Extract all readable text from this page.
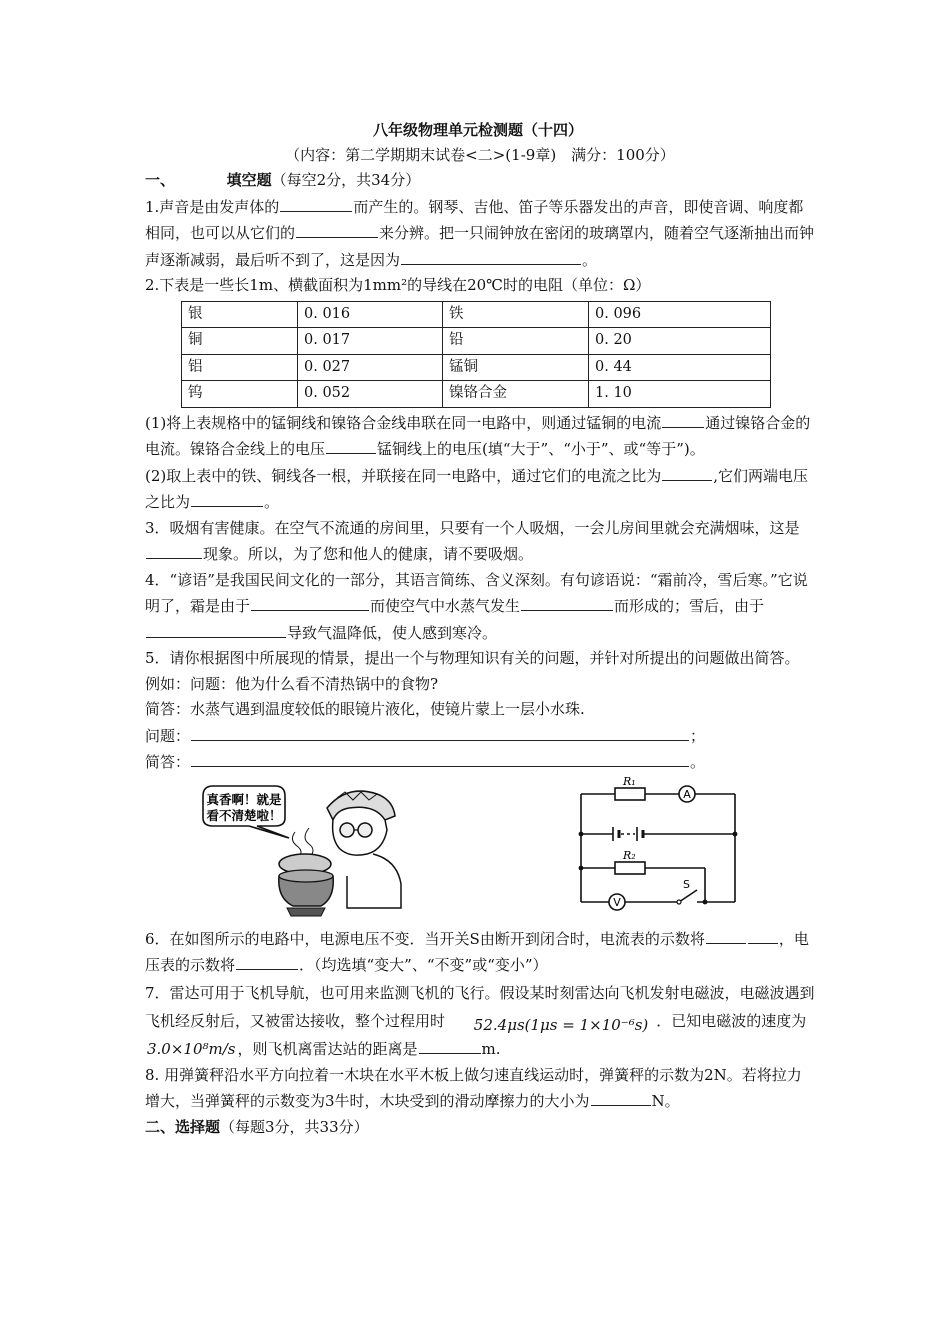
八年级物理单元检测题（十四）
（内容：第二学期期末试卷<二>(1-9章)　满分：100分）
一、	填空题（每空2分，共34分）
1.声音是由发声体的	而产生的。钢琴、吉他、笛子等乐器发出的声音，即使音调、响度都相同，也可以从它们的	来分辨。把一只闹钟放在密闭的玻璃罩内，随着空气逐渐抽出而钟声逐渐减弱，最后听不到了，这是因为	。
2.下表是一些长1m、横截面积为1mm²的导线在20℃时的电阻（单位：Ω）
银	0. 016	铁	0. 096
铜	0. 017	铅	0. 20
铝	0. 027	锰铜	0. 44
钨	0. 052	镍铬合金	1. 10
(1)将上表规格中的锰铜线和镍铬合金线串联在同一电路中，则通过锰铜的电流	通过镍铬合金的电流。镍铬合金线上的电压	锰铜线上的电压(填“大于”、“小于”、或“等于”)。
(2)取上表中的铁、铜线各一根，并联接在同一电路中，通过它们的电流之比为	,它们两端电压之比为	。
3．吸烟有害健康。在空气不流通的房间里，只要有一个人吸烟，一会儿房间里就会充满烟味，这是现象。所以，为了您和他人的健康，请不要吸烟。
4．“谚语”是我国民间文化的一部分，其语言简练、含义深刻。有句谚语说：“霜前冷，雪后寒。”它说明了，霜是由于	而使空气中水蒸气发生	而形成的；雪后，由于导致气温降低，使人感到寒冷。
5．请你根据图中所展现的情景，提出一个与物理知识有关的问题，并针对所提出的问题做出简答。
例如：问题：他为什么看不清热锅中的食物?
简答：水蒸气遇到温度较低的眼镜片液化，使镜片蒙上一层小水珠.
问题：	；
简答：	。
真香啊！就是
看不清楚啦！
A
V
R₁
R₂
S
6．在如图所示的电路中，电源电压不变．当开关S由断开到闭合时，电流表的示数将	，电压表的示数将	．（均选填“变大”、“不变”或“变小”）
7．雷达可用于飞机导航，也可用来监测飞机的飞行。假设某时刻雷达向飞机发射电磁波，电磁波遇到飞机经反射后，又被雷达接收，整个过程用时 52.4μs(1μs = 1×10⁻⁶s) ．已知电磁波的速度为3.0×10⁸m/s ，则飞机离雷达站的距离是	m.
8. 用弹簧秤沿水平方向拉着一木块在水平木板上做匀速直线运动时，弹簧秤的示数为2N。若将拉力增大，当弹簧秤的示数变为3牛时，木块受到的滑动摩擦力的大小为	N。
二、选择题（每题3分，共33分）
